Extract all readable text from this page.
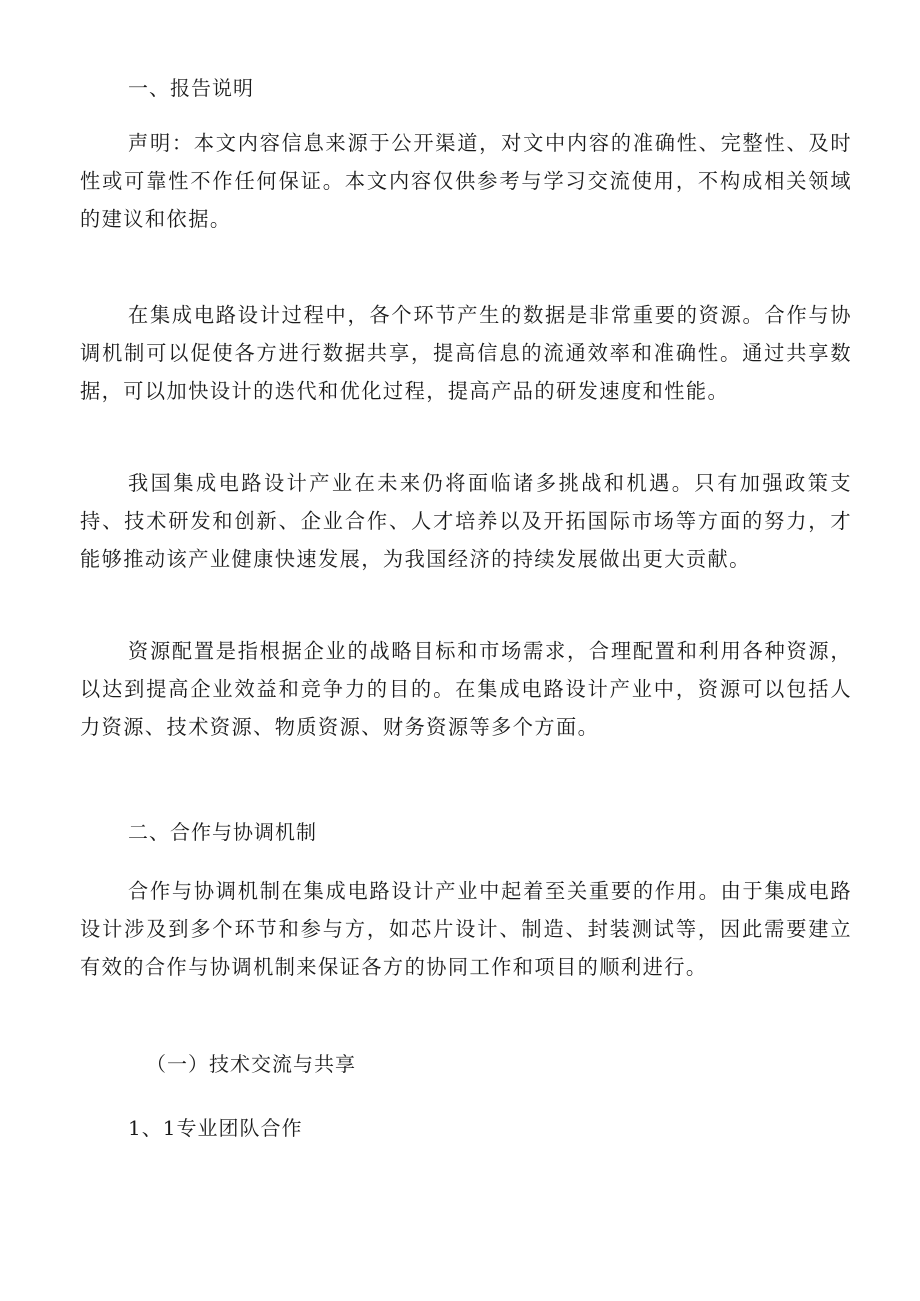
一、报告说明

声明：本文内容信息来源于公开渠道，对文中内容的准确性、完整性、及时性或可靠性不作任何保证。本文内容仅供参考与学习交流使用，不构成相关领域的建议和依据。

在集成电路设计过程中，各个环节产生的数据是非常重要的资源。合作与协调机制可以促使各方进行数据共享，提高信息的流通效率和准确性。通过共享数据，可以加快设计的迭代和优化过程，提高产品的研发速度和性能。

我国集成电路设计产业在未来仍将面临诸多挑战和机遇。只有加强政策支持、技术研发和创新、企业合作、人才培养以及开拓国际市场等方面的努力，才能够推动该产业健康快速发展，为我国经济的持续发展做出更大贡献。

资源配置是指根据企业的战略目标和市场需求，合理配置和利用各种资源，以达到提高企业效益和竞争力的目的。在集成电路设计产业中，资源可以包括人力资源、技术资源、物质资源、财务资源等多个方面。

二、合作与协调机制

合作与协调机制在集成电路设计产业中起着至关重要的作用。由于集成电路设计涉及到多个环节和参与方，如芯片设计、制造、封装测试等，因此需要建立有效的合作与协调机制来保证各方的协同工作和项目的顺利进行。

（一）技术交流与共享
1、1专业团队合作
